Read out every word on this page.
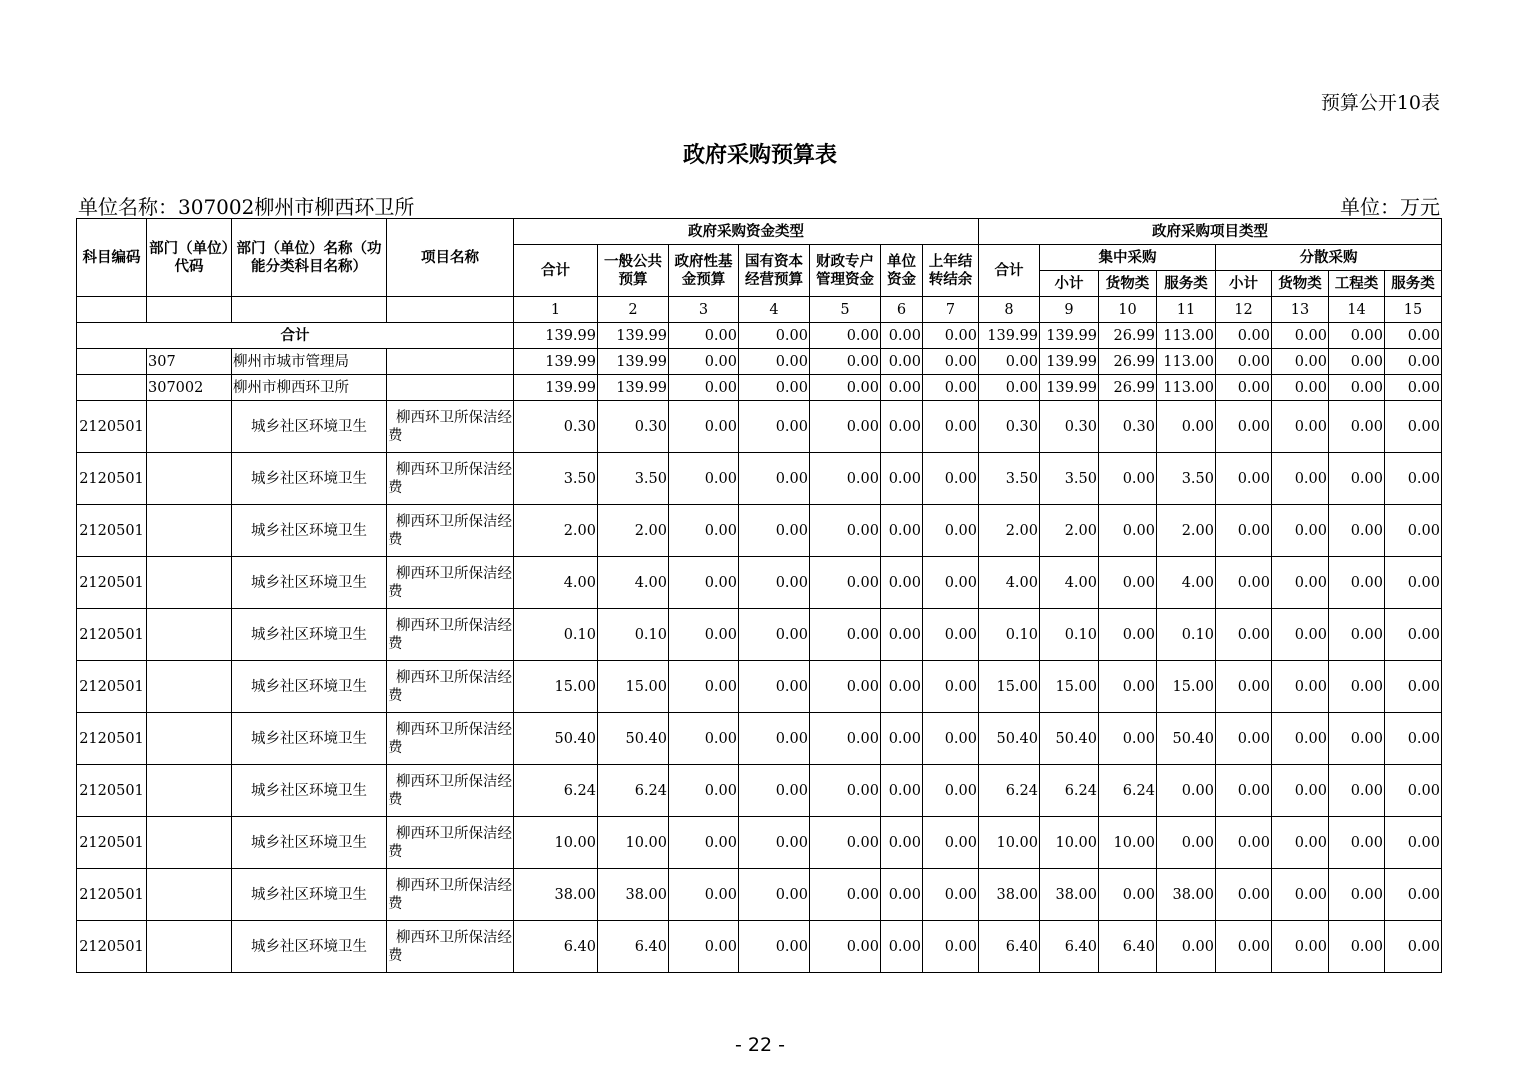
预算公开10表
政府采购预算表
单位名称：307002柳州市柳西环卫所	单位：万元
科目编码	部门（单位）代码	部门（单位）名称（功能分类科目名称）	项目名称	政府采购资金类型							政府采购项目类型							
				合计	一般公共预算	政府性基金预算	国有资本经营预算	财政专户管理资金	单位资金	上年结转结余	合计	集中采购			分散采购			
												小计	货物类	服务类	小计	货物类	工程类	服务类
				1	2	3	4	5	6	7	8	9	10	11	12	13	14	15
合计				139.99	139.99	0.00	0.00	0.00	0.00	0.00	139.99	139.99	26.99	113.00	0.00	0.00	0.00	0.00
	307	柳州市城市管理局		139.99	139.99	0.00	0.00	0.00	0.00	0.00	0.00	139.99	26.99	113.00	0.00	0.00	0.00	0.00
	307002	柳州市柳西环卫所		139.99	139.99	0.00	0.00	0.00	0.00	0.00	0.00	139.99	26.99	113.00	0.00	0.00	0.00	0.00
2120501		城乡社区环境卫生	柳西环卫所保洁经费	0.30	0.30	0.00	0.00	0.00	0.00	0.00	0.30	0.30	0.30	0.00	0.00	0.00	0.00	0.00
2120501		城乡社区环境卫生	柳西环卫所保洁经费	3.50	3.50	0.00	0.00	0.00	0.00	0.00	3.50	3.50	0.00	3.50	0.00	0.00	0.00	0.00
2120501		城乡社区环境卫生	柳西环卫所保洁经费	2.00	2.00	0.00	0.00	0.00	0.00	0.00	2.00	2.00	0.00	2.00	0.00	0.00	0.00	0.00
2120501		城乡社区环境卫生	柳西环卫所保洁经费	4.00	4.00	0.00	0.00	0.00	0.00	0.00	4.00	4.00	0.00	4.00	0.00	0.00	0.00	0.00
2120501		城乡社区环境卫生	柳西环卫所保洁经费	0.10	0.10	0.00	0.00	0.00	0.00	0.00	0.10	0.10	0.00	0.10	0.00	0.00	0.00	0.00
2120501		城乡社区环境卫生	柳西环卫所保洁经费	15.00	15.00	0.00	0.00	0.00	0.00	0.00	15.00	15.00	0.00	15.00	0.00	0.00	0.00	0.00
2120501		城乡社区环境卫生	柳西环卫所保洁经费	50.40	50.40	0.00	0.00	0.00	0.00	0.00	50.40	50.40	0.00	50.40	0.00	0.00	0.00	0.00
2120501		城乡社区环境卫生	柳西环卫所保洁经费	6.24	6.24	0.00	0.00	0.00	0.00	0.00	6.24	6.24	6.24	0.00	0.00	0.00	0.00	0.00
2120501		城乡社区环境卫生	柳西环卫所保洁经费	10.00	10.00	0.00	0.00	0.00	0.00	0.00	10.00	10.00	10.00	0.00	0.00	0.00	0.00	0.00
2120501		城乡社区环境卫生	柳西环卫所保洁经费	38.00	38.00	0.00	0.00	0.00	0.00	0.00	38.00	38.00	0.00	38.00	0.00	0.00	0.00	0.00
2120501		城乡社区环境卫生	柳西环卫所保洁经费	6.40	6.40	0.00	0.00	0.00	0.00	0.00	6.40	6.40	6.40	0.00	0.00	0.00	0.00	0.00
- 22 -
